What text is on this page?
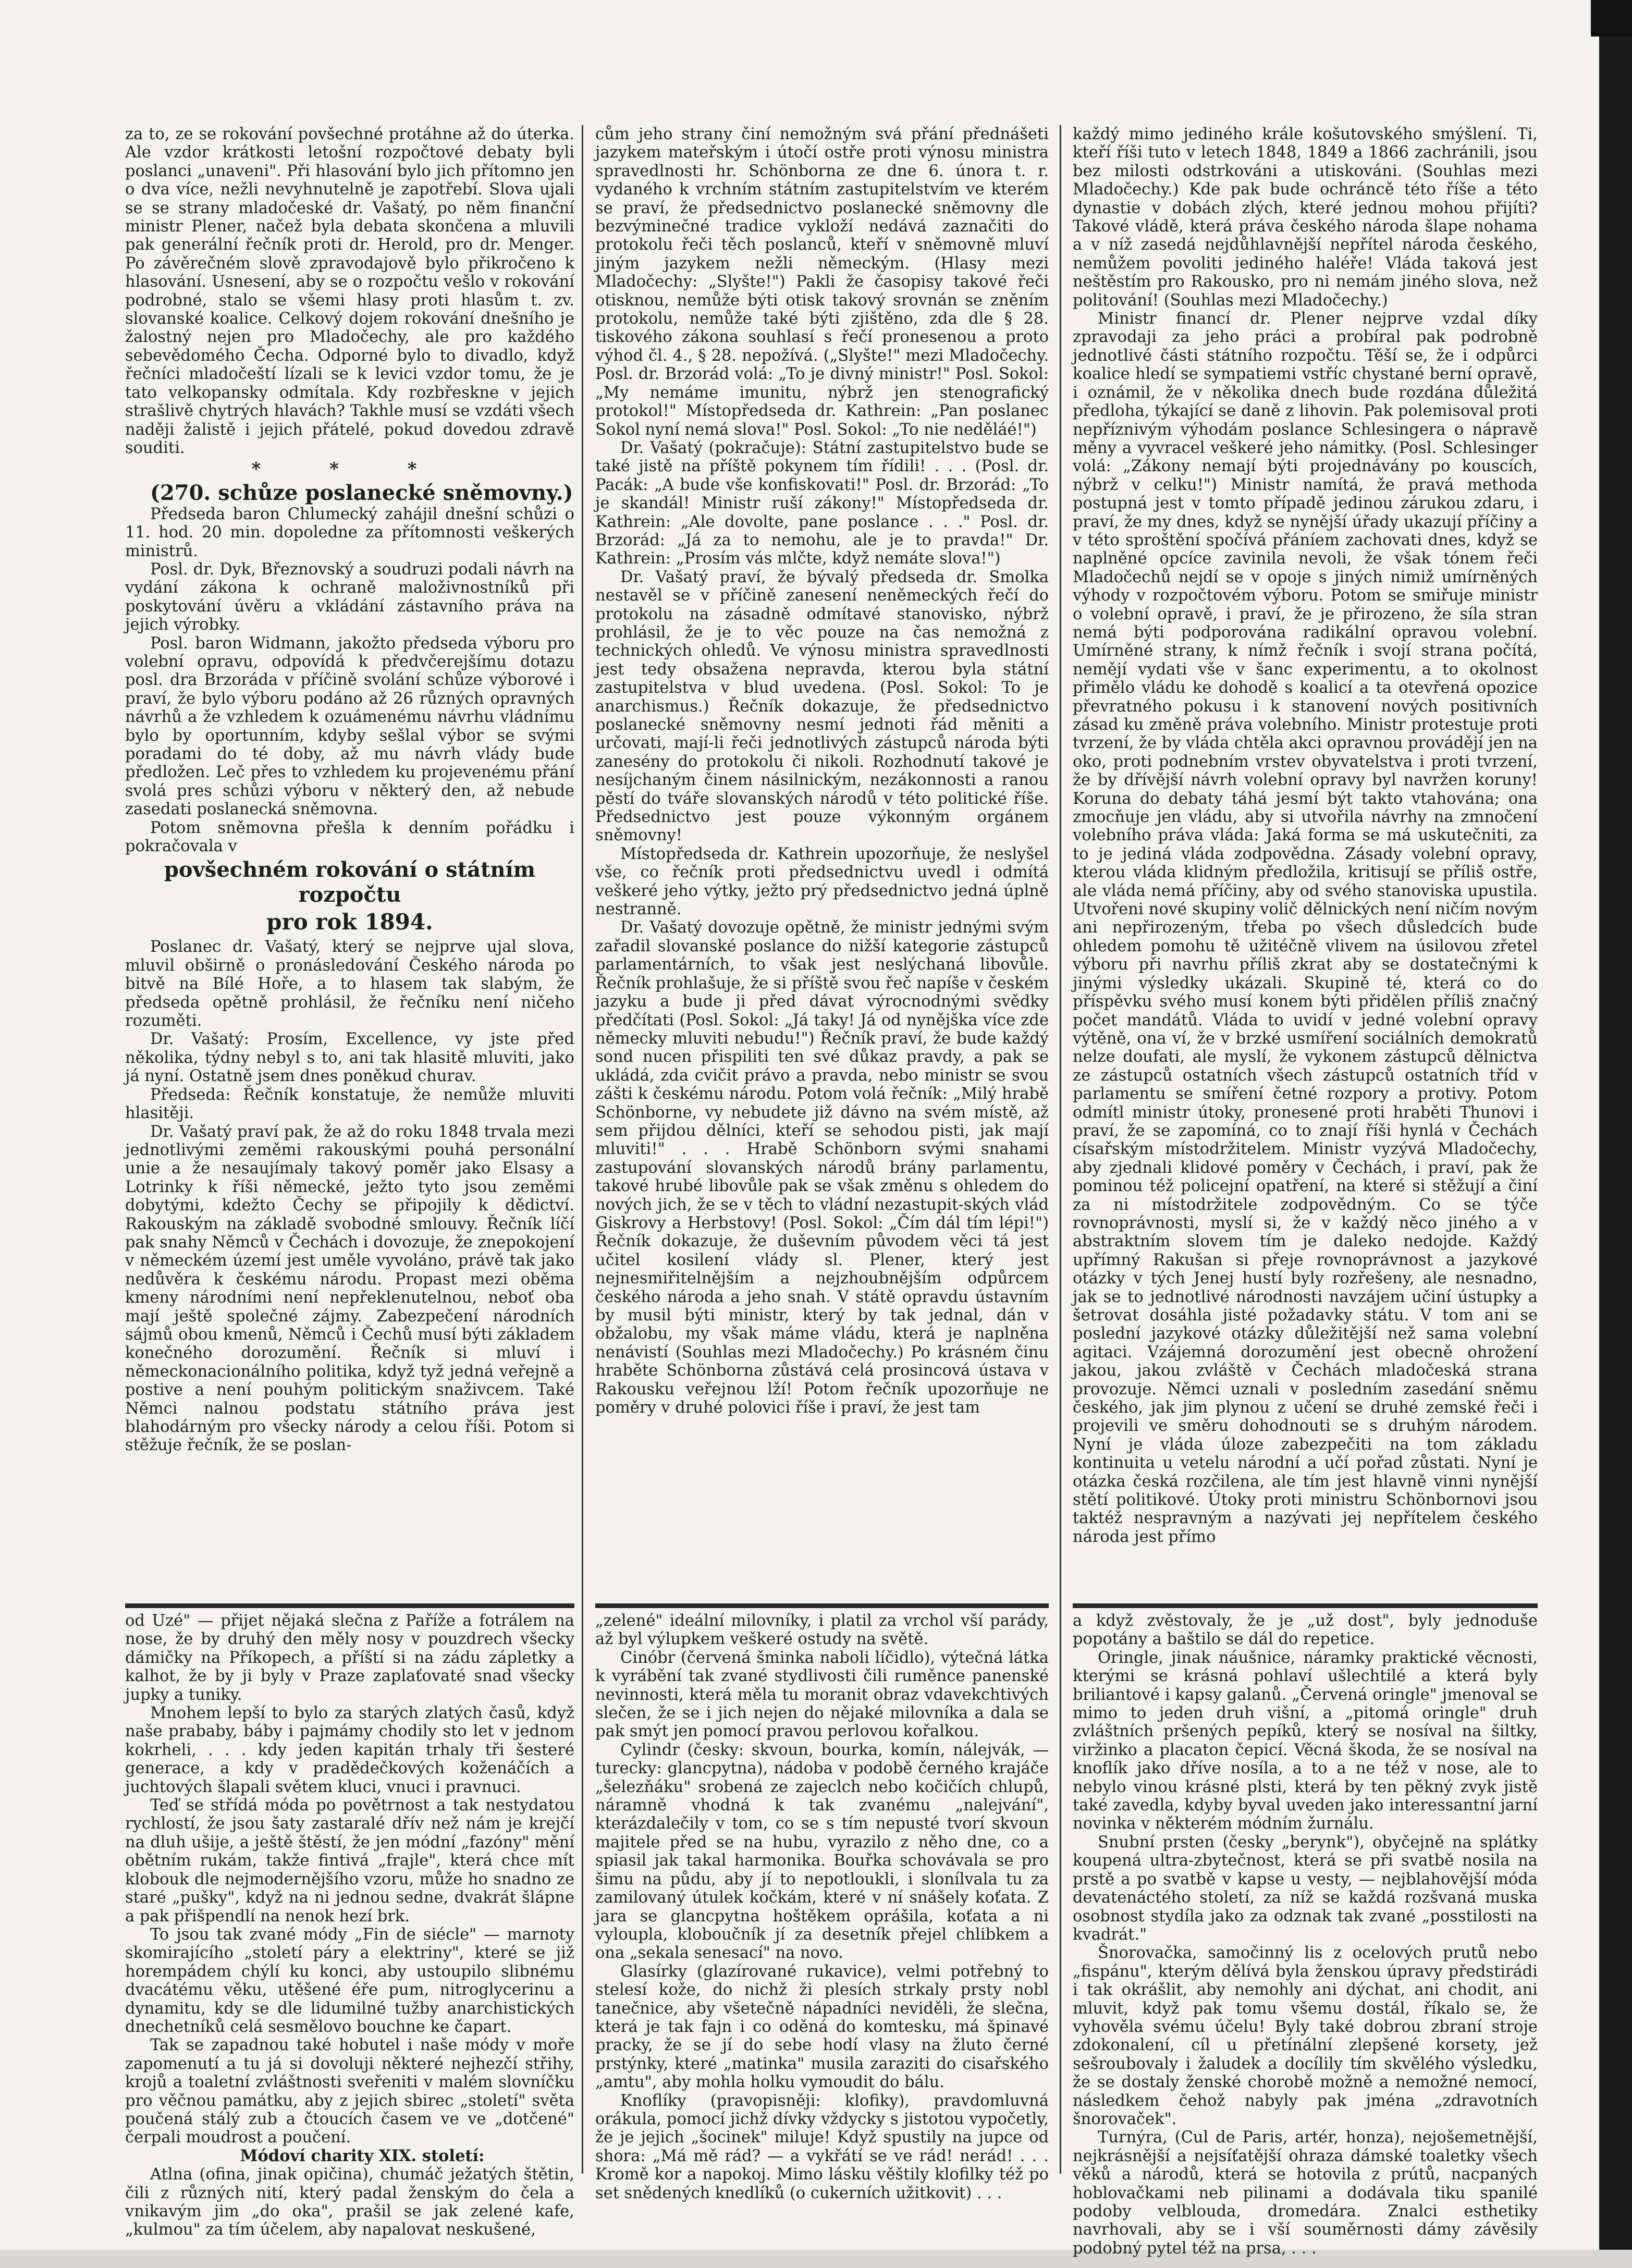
za to, ze se rokování povšechné protáhne až do úterka. Ale vzdor krátkosti letošní rozpočtové debaty byli poslanci „unaveni". Při hlasování bylo jich přítomno jen o dva více, nežli nevyhnutelně je zapotřebí. Slova ujali se se strany mladočeské dr. Vašatý, po něm finanční ministr Plener, načež byla debata skončena a mluvili pak generální řečník proti dr. Herold, pro dr. Menger. Po závěrečném slově zpravodajově bylo přikročeno k hlasování. Usnesení, aby se o rozpočtu vešlo v rokování podrobné, stalo se všemi hlasy proti hlasům t. zv. slovanské koalice. Celkový dojem rokování dnešního je žalostný nejen pro Mladočechy, ale pro každého sebevědomého Čecha. Odporné bylo to divadlo, když řečníci mladočeští lízali se k levici vzdor tomu, že je tato velkopansky odmítala. Kdy rozbřeskne v jejich strašlivě chytrých hlavách? Takhle musí se vzdáti všech naději žalistě i jejich přátelé, pokud dovedou zdravě souditi.

* * *

(270. schůze poslanecké sněmovny.)

Předseda baron Chlumecký zahájil dnešní schůzi o 11. hod. 20 min. dopoledne za přítomnosti veškerých ministrů.

Posl. dr. Dyk, Březnovský a soudruzi podali návrh na vydání zákona k ochraně maloživnostníků při poskytování úvěru a vkládání zástavního práva na jejich výrobky.

Posl. baron Widmann, jakožto předseda výboru pro volební opravu, odpovídá k předvčerejšímu dotazu posl. dra Brzoráda v příčině svolání schůze výborové i praví, že bylo výboru podáno až 26 různých opravných návrhů a že vzhledem k ozuámenému návrhu vládnímu bylo by oportunním, kdyby sešlal výbor se svými poradami do té doby, až mu návrh vlády bude předložen. Leč přes to vzhledem ku projevenému přání svolá pres schůzi výboru v některý den, až nebude zasedati poslanecká sněmovna.

Potom sněmovna přešla k denním pořádku i pokračovala v

povšechném rokování o státním rozpočtu
pro rok 1894.

Poslanec dr. Vašatý, který se nejprve ujal slova, mluvil obširně o pronásledování Českého národa po bitvě na Bílé Hoře, a to hlasem tak slabým, že předseda opětně prohlásil, že řečníku není ničeho rozuměti.

Dr. Vašatý: Prosím, Excellence, vy jste před několika, týdny nebyl s to, ani tak hlasitě mluviti, jako já nyní. Ostatně jsem dnes poněkud churav.

Předseda: Řečník konstatuje, že nemůže mluviti hlasitěji.

Dr. Vašatý praví pak, že až do roku 1848 trvala mezi jednotlivými zeměmi rakouskými pouhá personální unie a že nesaujímaly takový poměr jako Elsasy a Lotrinky k říši německé, ježto tyto jsou zeměmi dobytými, kdežto Čechy se připojily k dědictví. Rakouským na základě svobodné smlouvy. Řečník líčí pak snahy Němců v Čechách i dovozuje, že znepokojení v německém území jest uměle vyvoláno, právě tak jako nedůvěra k českému národu. Propast mezi oběma kmeny národními není nepřeklenutelnou, neboť oba mají ještě společné zájmy. Zabezpečení národních sájmů obou kmenů, Němců i Čechů musí býti základem konečného dorozumění. Řečník si mluví i německonacionálního politika, když tyž jedná veřejně a postive a není pouhým politickým snaživcem. Také Němci nalnou podstatu státního práva jest blahodárným pro všecky národy a celou říši. Potom si stěžuje řečník, že se poslan-

od Uzé" — přijet nějaká slečna z Paříže a fotrálem na nose, že by druhý den měly nosy v pouzdrech všecky dámičky na Příkopech, a příští si na zádu zápletky a kalhot, že by ji byly v Praze zaplaťovaté snad všecky jupky a tuniky.

Mnohem lepší to bylo za starých zlatých časů, když naše prababy, báby i pajmámy chodily sto let v jednom kokrheli, . . . kdy jeden kapitán trhaly tři šesteré generace, a kdy v pradědečkových koženáčích a juchtových šlapali světem kluci, vnuci i pravnuci.

Teď se střídá móda po povětrnost a tak nestydatou rychlostí, že jsou šaty zastaralé dřív než nám je krejčí na dluh ušije, a ještě štěstí, že jen módní „fazóny" mění obětním rukám, takže fintivá „frajle", která chce mít klobouk dle nejmodernějšího vzoru, může ho snadno ze staré „pušky", když na ni jednou sedne, dvakrát šlápne a pak přišpendlí na nenok hezí brk.

To jsou tak zvané módy „Fin de siécle" — marnoty skomirajícího „století páry a elektriny", které se již horempádem chýlí ku konci, aby ustoupilo slibnému dvacátému věku, utěšené éře pum, nitroglycerinu a dynamitu, kdy se dle lidumilné tužby anarchistických dnechetníků celá sesmělovo bouchne ke čapart.

Tak se zapadnou také hobutel i naše módy v moře zapomenutí a tu já si dovoluji některé nejhezčí střihy, krojů a toaletní zvláštnosti sveřeniti v malém slovníčku pro věčnou památku, aby z jejich sbirec „století" světa poučená stálý zub a čtoucích časem ve ve „dotčené" čerpali moudrost a poučení.

Módoví charity XIX. století:

Atlna (ofina, jinak opičina), chumáč ježatých štětin, čili z různých nití, který padal ženským do čela a vnikavým jim „do oka", prašil se jak zelené kafe, „kulmou" za tím účelem, aby napalovat neskušené,

cům jeho strany činí nemožným svá přání přednášeti jazykem mateřským i útočí ostře proti výnosu ministra spravedlnosti hr. Schönborna ze dne 6. února t. r. vydaného k vrchním státním zastupitelstvím ve kterém se praví, že předsednictvo poslanecké sněmovny dle bezvýminečné tradice vykloží nedává zaznačiti do protokolu řeči těch poslanců, kteří v sněmovně mluví jiným jazykem nežli německým. (Hlasy mezi Mladočechy: „Slyšte!") Pakli že časopisy takové řeči otisknou, nemůže býti otisk takový srovnán se zněním protokolu, nemůže také býti zjištěno, zda dle § 28. tiskového zákona souhlasí s řečí pronesenou a proto výhod čl. 4., § 28. nepožívá. („Slyšte!" mezi Mladočechy. Posl. dr. Brzorád volá: „To je divný ministr!" Posl. Sokol: „My nemáme imunitu, nýbrž jen stenografický protokol!" Místopředseda dr. Kathrein: „Pan poslanec Sokol nyní nemá slova!" Posl. Sokol: „To nie neděláé!")

Dr. Vašatý (pokračuje): Státní zastupitelstvo bude se také jistě na příště pokynem tím řídili! . . . (Posl. dr. Pacák: „A bude vše konfiskovati!" Posl. dr. Brzorád: „To je skandál! Ministr ruší zákony!" Místopředseda dr. Kathrein: „Ale dovolte, pane poslance . . ." Posl. dr. Brzorád: „Já za to nemohu, ale je to pravda!" Dr. Kathrein: „Prosím vás mlčte, když nemáte slova!")

Dr. Vašatý praví, že bývalý předseda dr. Smolka nestavěl se v příčině zanesení neněmeckých řečí do protokolu na zásadně odmítavé stanovisko, nýbrž prohlásil, že je to věc pouze na čas nemožná z technických ohledů. Ve výnosu ministra spravedlnosti jest tedy obsažena nepravda, kterou byla státní zastupitelstva v blud uvedena. (Posl. Sokol: To je anarchismus.) Řečník dokazuje, že předsednictvo poslanecké sněmovny nesmí jednoti řád měniti a určovati, mají-li řeči jednotlivých zástupců národa býti zanesény do protokolu či nikoli. Rozhodnutí takové je nesíjchaným činem násilnickým, nezákonnosti a ranou pěstí do tváře slovanských národů v této politické říše. Předsednictvo jest pouze výkonným orgánem sněmovny!

Místopředseda dr. Kathrein upozorňuje, že neslyšel vše, co řečník proti předsednictvu uvedl i odmítá veškeré jeho výtky, ježto prý předsednictvo jedná úplně nestranně.

Dr. Vašatý dovozuje opětně, že ministr jednými svým zařadil slovanské poslance do nižší kategorie zástupců parlamentárních, to však jest neslýchaná libovůle. Řečník prohlašuje, že si příště svou řeč napíše v českém jazyku a bude ji před dávat výrocnodnými svědky předčítati (Posl. Sokol: „Já taky! Já od nynějška více zde německy mluviti nebudu!") Řečník praví, že bude každý sond nucen přispiliti ten své důkaz pravdy, a pak se ukládá, zda cvičit právo a pravda, nebo ministr se svou zášti k českému národu. Potom volá řečník: „Milý hrabě Schönborne, vy nebudete již dávno na svém místě, až sem přijdou dělníci, kteří se sehodou pisti, jak mají mluviti!" . . . Hrabě Schönborn svými snahami zastupování slovanských národů brány parlamentu, takové hrubé libovůle pak se však změnu s ohledem do nových jich, že se v těch to vládní nezastupit-ských vlád Giskrovy a Herbstovy! (Posl. Sokol: „Čím dál tím lépi!") Řečník dokazuje, že duševním původem věci tá jest učitel kosilení vlády sl. Plener, který jest nejnesmiřitelnějším a nejzhoubnějším odpůrcem českého národa a jeho snah. V státě opravdu ústavním by musil býti ministr, který by tak jednal, dán v obžalobu, my však máme vládu, která je naplněna nenávistí (Souhlas mezi Mladočechy.) Po krásném činu hraběte Schönborna zůstává celá prosincová ústava v Rakousku veřejnou lží! Potom řečník upozorňuje ne poměry v druhé polovici říše i praví, že jest tam

„zelené" ideální milovníky, i platil za vrchol vší parády, až byl výlupkem veškeré ostudy na světě.

Cinóbr (červená šminka naboli líčidlo), výtečná látka k vyrábění tak zvané stydlivosti čili ruměnce panenské nevinnosti, která měla tu moranit obraz vdavekchtivých slečen, že se i jich nejen do nějaké milovníka a dala se pak smýt jen pomocí pravou perlovou kořalkou.

Cylindr (česky: skvoun, bourka, komín, nálejvák, — turecky: glancpytna), nádoba v podobě černého krajáče „šelezňáku" srobená ze zajeclch nebo kočičích chlupů, náramně vhodná k tak zvanému „nalejvání", kterázdalečily v tom, co se s tím nepusté tvorí skvoun majitele před se na hubu, vyrazilo z něho dne, co a spiasil jak takal harmonika. Bouřka schovávala se pro šimu na půdu, aby jí to nepotloukli, i slonílvala tu za zamilovaný útulek kočkám, které v ní snášely koťata. Z jara se glancpytna hoštěkem oprášila, koťata a ni vyloupla, kloboučník jí za desetník přejel chlibkem a ona „sekala senesací" na novo.

Glasírky (glazírované rukavice), velmi potřebný to stelesí kože, do nichž ži plesích strkaly prsty nobl tanečnice, aby všetečně nápadníci neviděli, že slečna, která je tak fajn i co oděná do komtesku, má špinavé pracky, že se jí do sebe hodí vlasy na žluto černé prstýnky, které „matinka" musila zaraziti do cisařského „amtu", aby mohla holku vymoudit do bálu.

Knoflíky (pravopisněji: klofiky), pravdomluvná orákula, pomocí jichž dívky vždycky s jistotou vypočetly, že je jejich „šocinek" miluje! Když spustily na jupce od shora: „Má mě rád? — a vykřátí se ve rád! nerád! . . . Kromě kor a napokoj. Mimo lásku věštily klofilky též po set snědených knedlíků (o cukerních užitkovit) . . .

každý mimo jediného krále košutovského smýšlení. Ti, kteří říši tuto v letech 1848, 1849 a 1866 zachránili, jsou bez milosti odstrkováni a utiskováni. (Souhlas mezi Mladočechy.) Kde pak bude ochráncě této říše a této dynastie v dobách zlých, které jednou mohou přijíti? Takové vládě, která práva českého národa šlape nohama a v níž zasedá nejdůhlavnější nepřítel národa českého, nemůžem povoliti jediného haléře! Vláda taková jest neštěstím pro Rakousko, pro ni nemám jiného slova, než politování! (Souhlas mezi Mladočechy.)

Ministr financí dr. Plener nejprve vzdal díky zpravodaji za jeho práci a probíral pak podrobně jednotlivé části státního rozpočtu. Těší se, že i odpůrci koalice hledí se sympatiemi vstříc chystané berní opravě, i oznámil, že v několika dnech bude rozdána důležitá předloha, týkající se daně z lihovin. Pak polemisoval proti nepříznivým výhodám poslance Schlesingera o nápravě měny a vyvracel veškeré jeho námitky. (Posl. Schlesinger volá: „Zákony nemají býti projednávány po kouscích, nýbrž v celku!") Ministr namítá, že pravá methoda postupná jest v tomto případě jedinou zárukou zdaru, i praví, že my dnes, když se nynější úřady ukazují příčiny a v této sproštění spočívá přáníem zachovati dnes, když se naplněné opcíce zavinila nevoli, že však tónem řeči Mladočechů nejdí se v opoje s jiných nimiž umírněných výhody v rozpočtovém výboru. Potom se smiřuje ministr o volební opravě, i praví, že je přirozeno, že síla stran nemá býti podporována radikální opravou volební. Umírněné strany, k nímž řečník i svojí strana počítá, nemějí vydati vše v šanc experimentu, a to okolnost přimělo vládu ke dohodě s koalicí a ta otevřená opozice převratného pokusu i k stanovení nových positivních zásad ku změně práva volebního. Ministr protestuje proti tvrzení, že by vláda chtěla akci opravnou provádějí jen na oko, proti podnebním vrstev obyvatelstva i proti tvrzení, že by dřívější návrh volební opravy byl navržen koruny! Koruna do debaty táhá jesmí být takto vtahována; ona zmocňuje jen vládu, aby si utvořila návrhy na zmnočení volebního práva vláda: Jaká forma se má uskutečniti, za to je jediná vláda zodpovědna. Zásady volební opravy, kterou vláda klidným předložila, kritisují se příliš ostře, ale vláda nemá příčiny, aby od svého stanoviska upustila. Utvořeni nové skupiny volič dělnických není ničím novým ani nepřirozeným, třeba po všech důsledcích bude ohledem pomohu tě užitéčně vlivem na úsilovou zřetel výboru při navrhu příliš zkrat aby se dostatečnými k jinými výsledky ukázali. Skupině té, která co do příspěvku svého musí konem býti přidělen příliš značný počet mandátů. Vláda to uvidí v jedné volební opravy výtěně, ona ví, že v brzké usmíření sociálních demokratů nelze doufati, ale myslí, že vykonem zástupců dělnictva ze zástupců ostatních všech zástupců ostatních tříd v parlamentu se smíření četné rozpory a protivy. Potom odmítl ministr útoky, pronesené proti hraběti Thunovi i praví, že se zapomíná, co to znají říši hynlá v Čechách císařským místodržitelem. Ministr vyzývá Mladočechy, aby zjednali klidové poměry v Čechách, i praví, pak že pominou též policejní opatření, na které si stěžují a činí za ni místodržitele zodpovědným. Co se týče rovnoprávnosti, myslí si, že v každý něco jiného a v abstraktním slovem tím je daleko nedojde. Každý upřímný Rakušan si přeje rovnoprávnost a jazykové otázky v tých Jenej hustí byly rozřešeny, ale nesnadno, jak se to jednotlivé národnosti navzájem učiní ústupky a šetrovat dosáhla jisté požadavky státu. V tom ani se poslední jazykové otázky důležitější než sama volební agitaci. Vzájemná dorozumění jest obecně ohrožení jakou, jakou zvláště v Čechách mladočeská strana provozuje. Němci uznali v posledním zasedání sněmu českého, jak jim plynou z učení se druhé zemské řeči i projevili ve směru dohodnouti se s druhým národem. Nyní je vláda úloze zabezpečiti na tom základu kontinuita u vetelu národní a učí pořad zůstati. Nyní je otázka česká rozčilena, ale tím jest hlavně vinni nynější stětí politikové. Útoky proti ministru Schönbornovi jsou taktéž nespravným a nazývati jej nepřítelem českého národa jest přímo

a když zvěstovaly, že je „už dost", byly jednoduše popotány a baštilo se dál do repetice.

Oringle, jinak náušnice, náramky praktické věcnosti, kterými se krásná pohlaví ušlechtilé a která byly briliantové i kapsy galanů. „Červená oringle" jmenoval se mimo to jeden druh višní, a „pitomá oringle" druh zvláštních pršených pepíků, který se nosíval na šiltky, viržinko a placaton čepicí. Věcná škoda, že se nosíval na knoflík jako dříve nosíla, a to a ne též v nose, ale to nebylo vinou krásné plsti, která by ten pěkný zvyk jistě také zavedla, kdyby byval uveden jako interessantní jarní novinka v některém módním žurnálu.

Snubní prsten (česky „berynk"), obyčejně na splátky koupená ultra-zbytečnost, která se při svatbě nosila na prstě a po svatbě v kapse u vesty, — nejblahovější móda devatenáctého století, za níž se každá rozšvaná muska osobnost stydíla jako za odznak tak zvané „posstilosti na kvadrát."

Šnorovačka, samočinný lis z ocelových prutů nebo „fispánu", kterým dělívá byla ženskou úpravy předstirádi i tak okrášlit, aby nemohly ani dýchat, ani chodit, ani mluvit, když pak tomu všemu dostál, říkalo se, že vyhověla svému účelu! Byly také dobrou zbraní stroje zdokonalení, cíl u přetínální zlepšené korsety, jež sešroubovaly i žaludek a docílily tím skvělého výsledku, že se dostaly ženské chorobě možně a nemožné nemocí, následkem čehož nabyly pak jména „zdravotních šnorovaček".

Turnýra, (Cul de Paris, artér, honza), nejošemetnější, nejkrásnější a nejsíťatější ohraza dámské toaletky všech věků a národů, která se hotovila z prútů, nacpaných hoblovačkami neb pilinami a dodávala tiku spanilé podoby velblouda, dromedára. Znalci esthetiky navrhovali, aby se i vší souměrnosti dámy závěsily podobný pytel též na prsa, . . .
